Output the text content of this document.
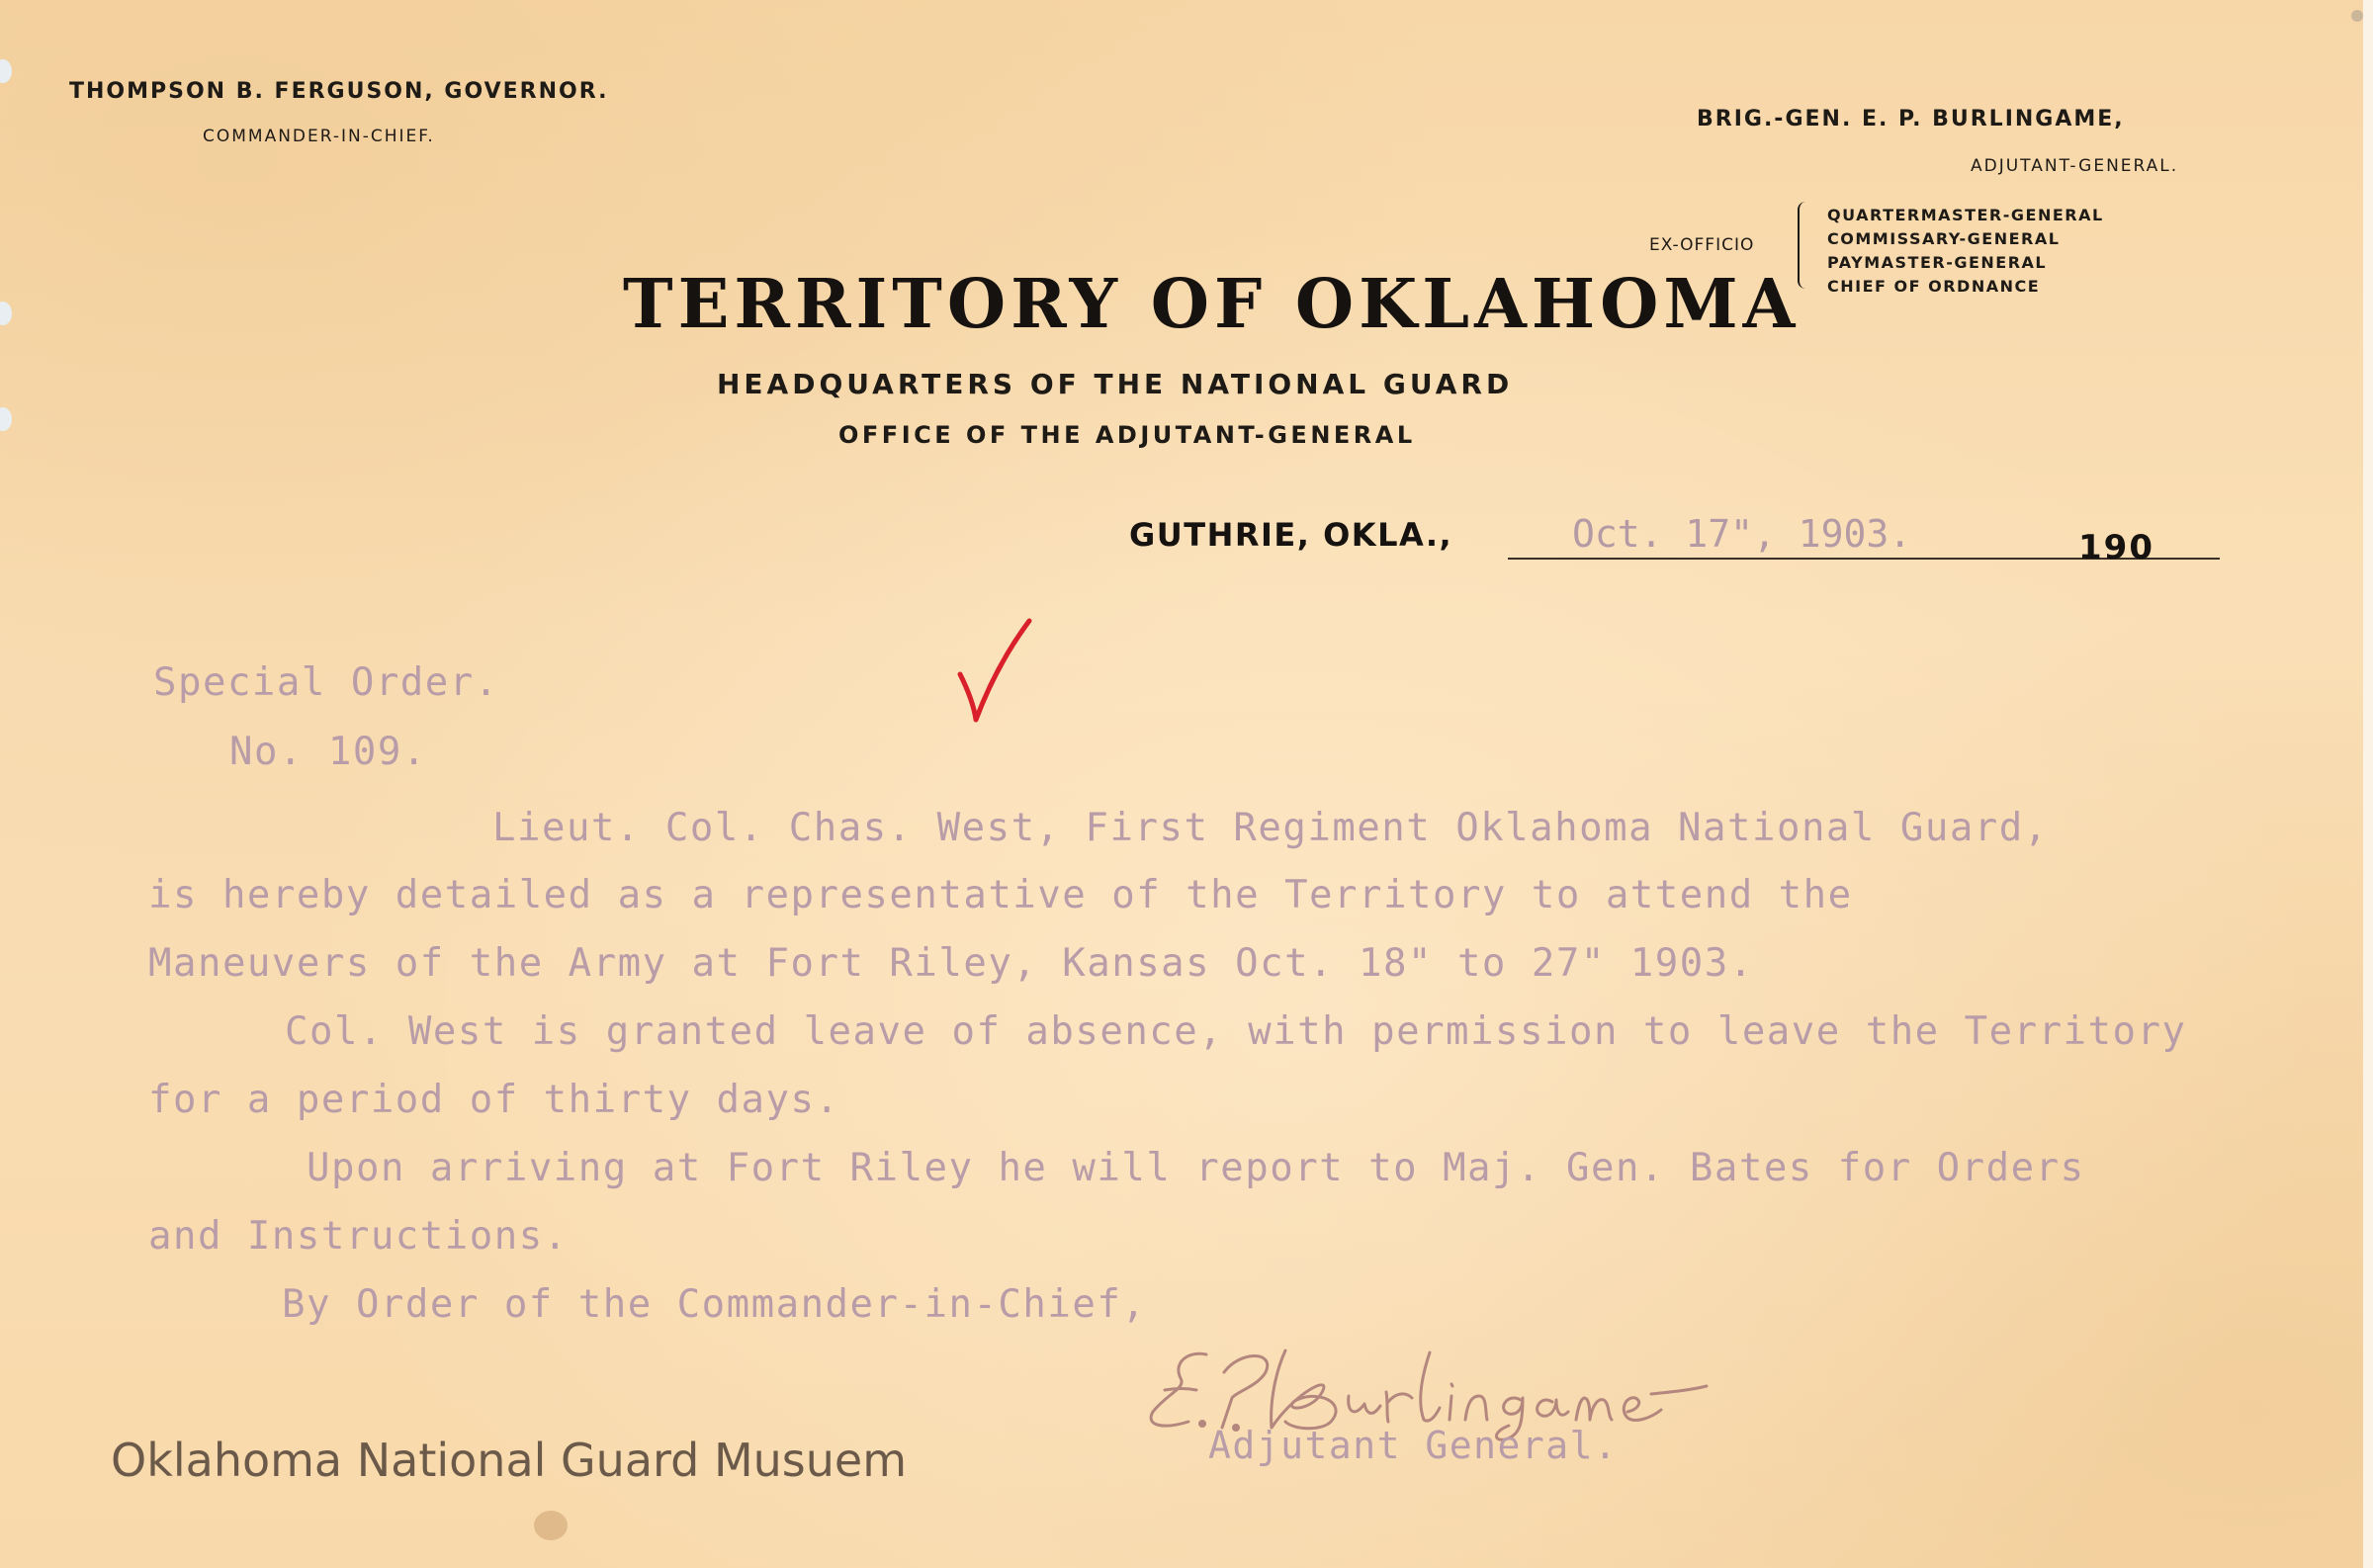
THOMPSON B. FERGUSON, GOVERNOR.
COMMANDER-IN-CHIEF.
BRIG.-GEN. E. P. BURLINGAME,
ADJUTANT-GENERAL.
EX-OFFICIO
QUARTERMASTER-GENERAL
COMMISSARY-GENERAL
PAYMASTER-GENERAL
CHIEF OF ORDNANCE
TERRITORY OF OKLAHOMA
HEADQUARTERS OF THE NATIONAL GUARD
OFFICE OF THE ADJUTANT-GENERAL
GUTHRIE, OKLA.,	Oct. 17", 1903.	190
Special Order.
No. 109.
Lieut. Col. Chas. West, First Regiment Oklahoma National Guard,
is hereby detailed as a representative of the Territory to attend the
Maneuvers of the Army at Fort Riley, Kansas Oct. 18" to 27" 1903.
Col. West is granted leave of absence, with permission to leave the Territory
for a period of thirty days.
Upon arriving at Fort Riley he will report to Maj. Gen. Bates for Orders
and Instructions.
By Order of the Commander-in-Chief,
Adjutant General.
Oklahoma National Guard Musuem
